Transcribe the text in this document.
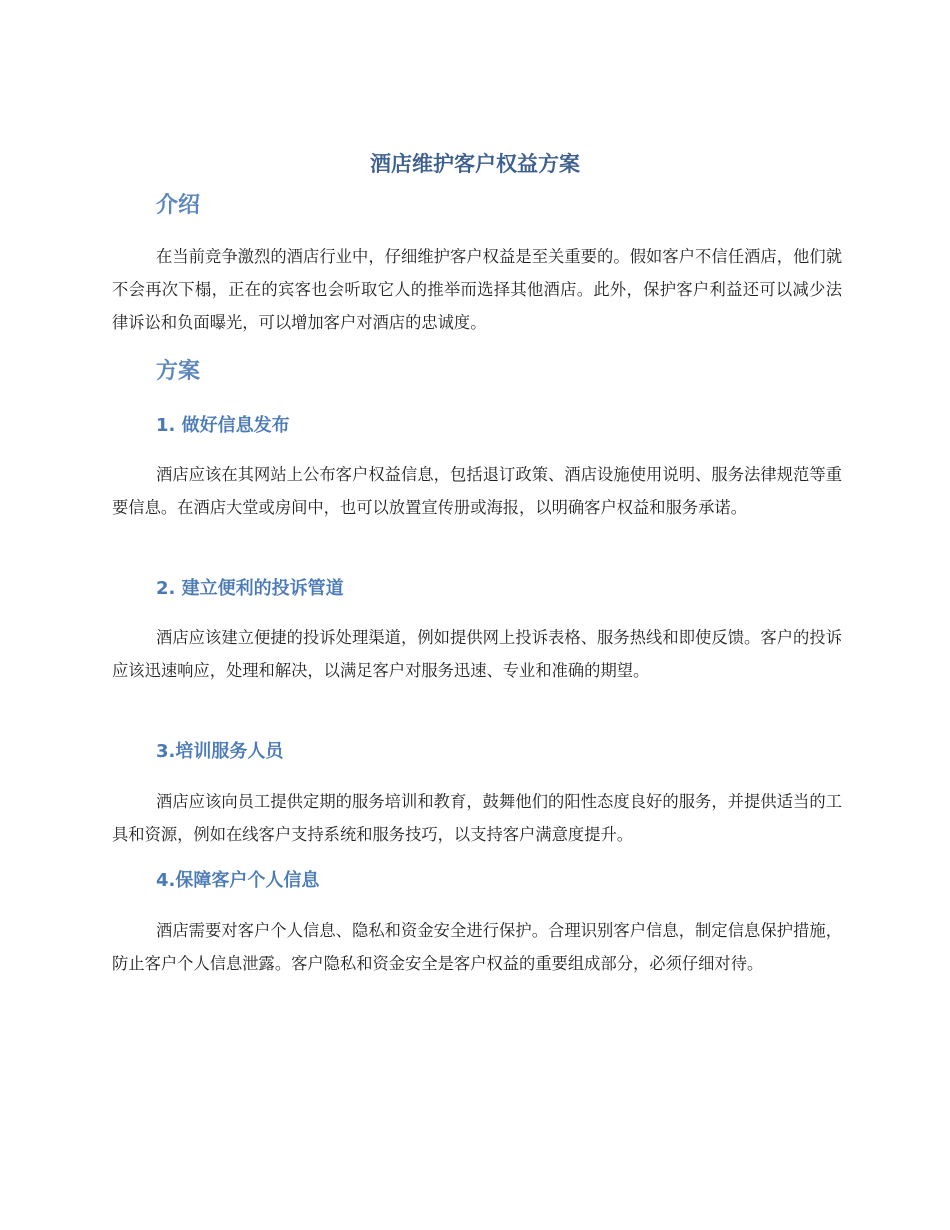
酒店维护客户权益方案
介绍

在当前竞争激烈的酒店行业中，仔细维护客户权益是至关重要的。假如客户不信任酒店，他们就不会再次下榻，正在的宾客也会听取它人的推举而选择其他酒店。此外，保护客户利益还可以减少法律诉讼和负面曝光，可以增加客户对酒店的忠诚度。

方案
1. 做好信息发布

酒店应该在其网站上公布客户权益信息，包括退订政策、酒店设施使用说明、服务法律规范等重要信息。在酒店大堂或房间中，也可以放置宣传册或海报，以明确客户权益和服务承诺。

2. 建立便利的投诉管道

酒店应该建立便捷的投诉处理渠道，例如提供网上投诉表格、服务热线和即使反馈。客户的投诉应该迅速响应，处理和解决，以满足客户对服务迅速、专业和准确的期望。

3.培训服务人员

酒店应该向员工提供定期的服务培训和教育，鼓舞他们的阳性态度良好的服务，并提供适当的工具和资源，例如在线客户支持系统和服务技巧，以支持客户满意度提升。

4.保障客户个人信息

酒店需要对客户个人信息、隐私和资金安全进行保护。合理识别客户信息，制定信息保护措施，防止客户个人信息泄露。客户隐私和资金安全是客户权益的重要组成部分，必须仔细对待。
